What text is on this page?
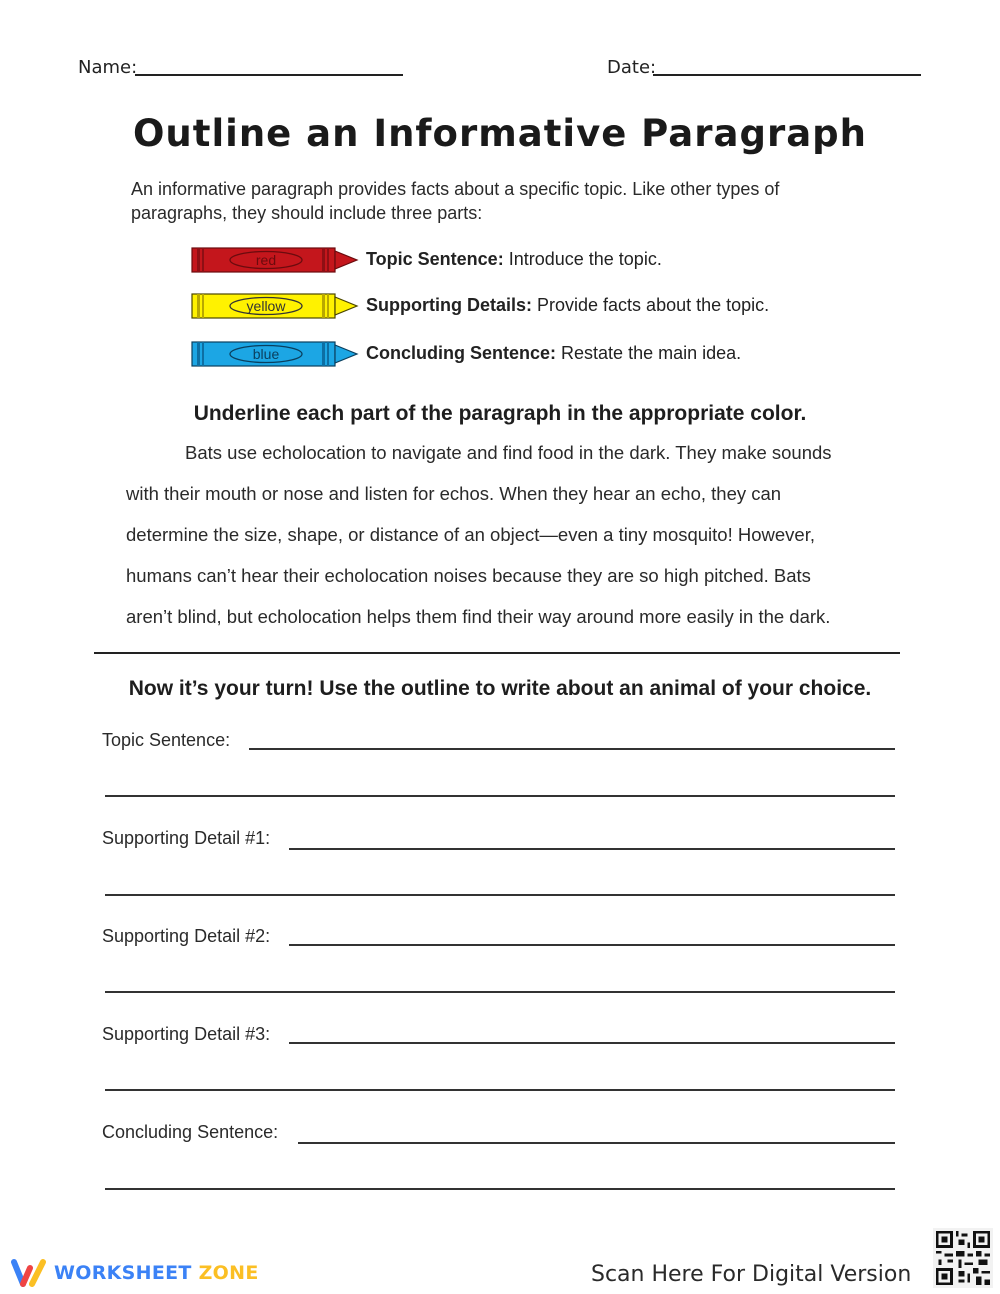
Name:	Date:
Outline an Informative Paragraph
An informative paragraph provides facts about a specific topic. Like other types of
paragraphs, they should include three parts:
red	Topic Sentence: Introduce the topic.
yellow	Supporting Details: Provide facts about the topic.
blue	Concluding Sentence: Restate the main idea.
Underline each part of the paragraph in the appropriate color.
Bats use echolocation to navigate and find food in the dark. They make sounds
with their mouth or nose and listen for echos. When they hear an echo, they can
determine the size, shape, or distance of an object—even a tiny mosquito! However,
humans can’t hear their echolocation noises because they are so high pitched. Bats
aren’t blind, but echolocation helps them find their way around more easily in the dark.
Now it’s your turn! Use the outline to write about an animal of your choice.
Topic Sentence:
Supporting Detail #1:
Supporting Detail #2:
Supporting Detail #3:
Concluding Sentence:
WORKSHEET ZONE	Scan Here For Digital Version
